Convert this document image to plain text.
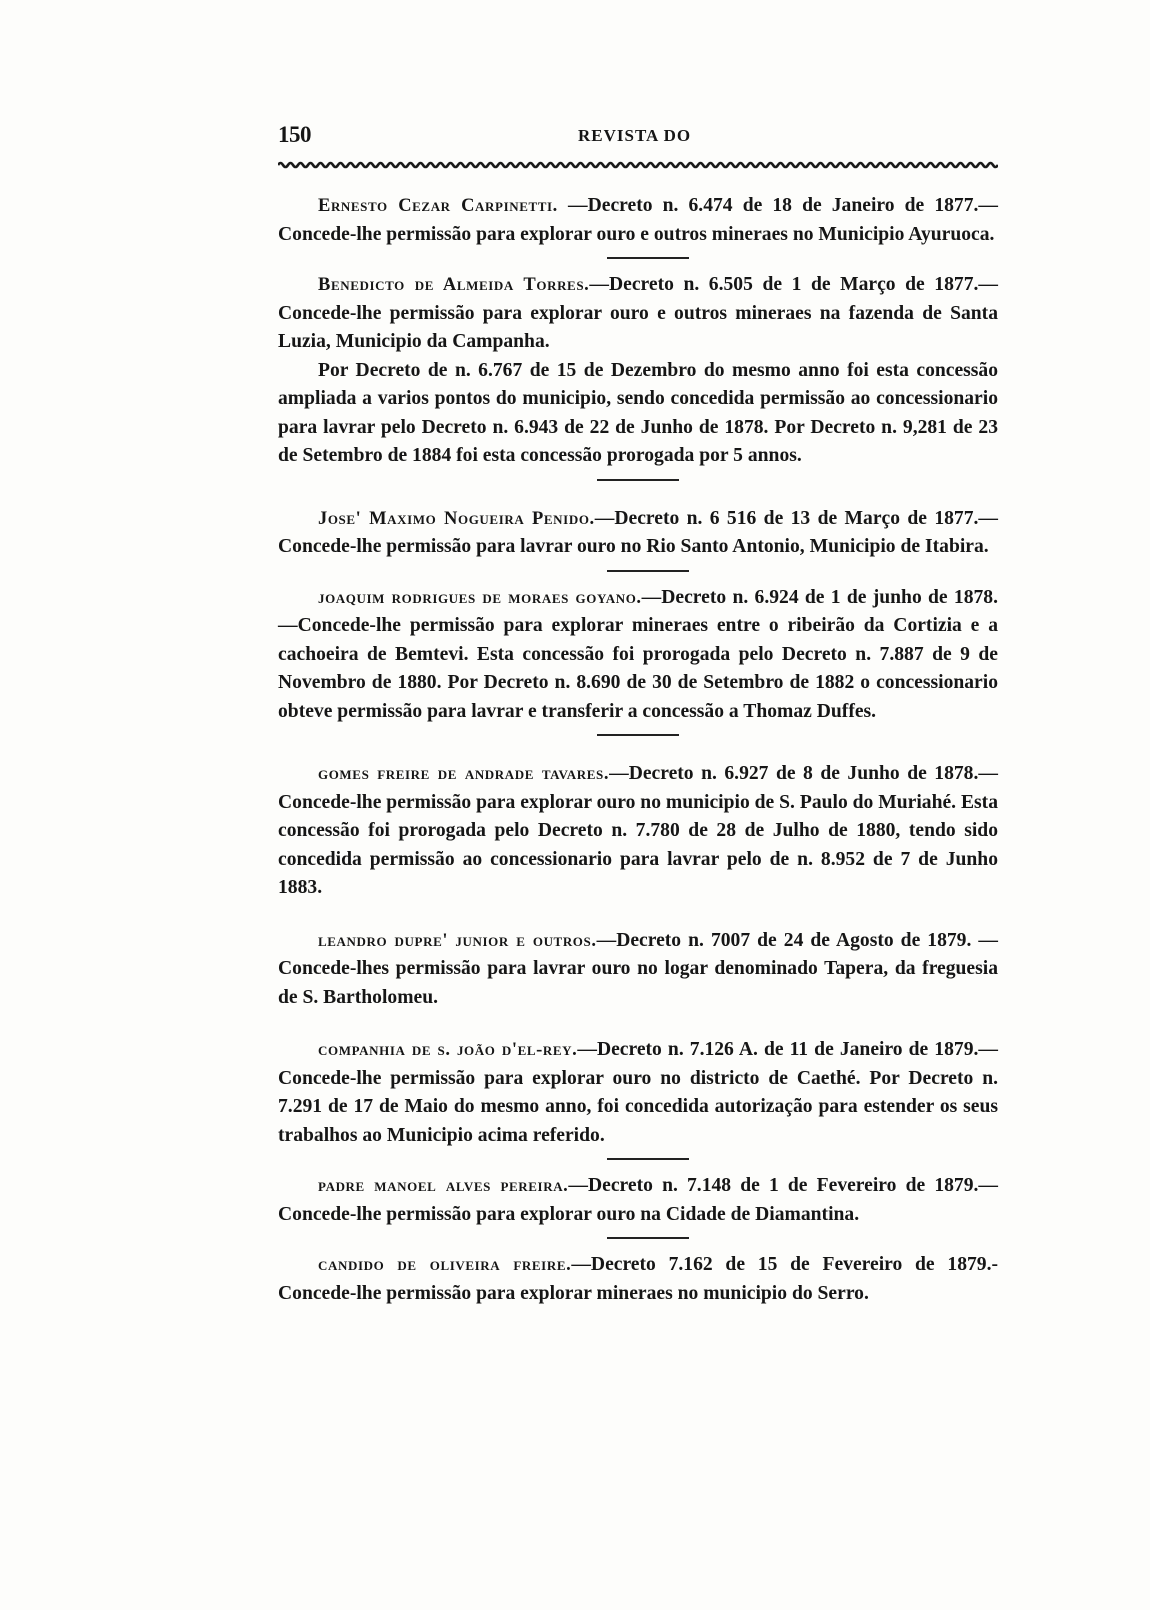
150	REVISTA DO

Ernesto Cezar Carpinetti. —Decreto n. 6.474 de 18 de Janeiro de 1877.—Concede-lhe permissão para explorar ouro e outros mineraes no Municipio Ayuruoca.

Benedicto de Almeida Torres.—Decreto n. 6.505 de 1 de Março de 1877.—Concede-lhe permissão para explorar ouro e outros mineraes na fazenda de Santa Luzia, Municipio da Campanha.

Por Decreto de n. 6.767 de 15 de Dezembro do mesmo anno foi esta concessão ampliada a varios pontos do municipio, sendo concedida permissão ao concessionario para lavrar pelo Decreto n. 6.943 de 22 de Junho de 1878. Por Decreto n. 9,281 de 23 de Setembro de 1884 foi esta concessão prorogada por 5 annos.

Jose' Maximo Nogueira Penido.—Decreto n. 6 516 de 13 de Março de 1877.—Concede-lhe permissão para lavrar ouro no Rio Santo Antonio, Municipio de Itabira.

joaquim rodrigues de moraes goyano.—Decreto n. 6.924 de 1 de junho de 1878.—Concede-lhe permissão para explorar mineraes entre o ribeirão da Cortizia e a cachoeira de Bemtevi. Esta concessão foi prorogada pelo Decreto n. 7.887 de 9 de Novembro de 1880. Por Decreto n. 8.690 de 30 de Setembro de 1882 o concessionario obteve permissão para lavrar e transferir a concessão a Thomaz Duffes.

gomes freire de andrade tavares.—Decreto n. 6.927 de 8 de Junho de 1878.—Concede-lhe permissão para explorar ouro no municipio de S. Paulo do Muriahé. Esta concessão foi prorogada pelo Decreto n. 7.780 de 28 de Julho de 1880, tendo sido concedida permissão ao concessionario para lavrar pelo de n. 8.952 de 7 de Junho 1883.

leandro dupre' junior e outros.—Decreto n. 7007 de 24 de Agosto de 1879. —Concede-lhes permissão para lavrar ouro no logar denominado Tapera, da freguesia de S. Bartholomeu.

companhia de s. joão d'el-rey.—Decreto n. 7.126 A. de 11 de Janeiro de 1879.—Concede-lhe permissão para explorar ouro no districto de Caethé. Por Decreto n. 7.291 de 17 de Maio do mesmo anno, foi concedida autorização para estender os seus trabalhos ao Municipio acima referido.

padre manoel alves pereira.—Decreto n. 7.148 de 1 de Fevereiro de 1879.—Concede-lhe permissão para explorar ouro na Cidade de Diamantina.

candido de oliveira freire.—Decreto 7.162 de 15 de Fevereiro de 1879.- Concede-lhe permissão para explorar mineraes no municipio do Serro.
